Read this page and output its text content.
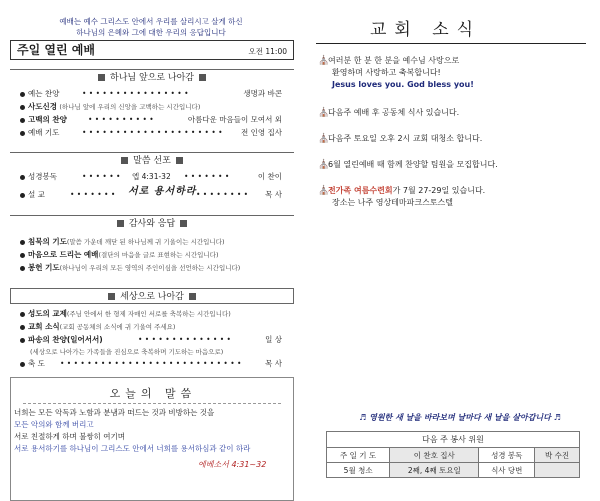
예배는 예수 그리스도 안에서 우리를 살리시고 살게 하신
하나님의 은혜와 그에 대한 우리의 응답입니다
주일 열린 예배	오전 11:00
하나님 앞으로 나아감
예는 찬양	• • • • • • • • • • • • • • • •	생명과 바콘
사도신경 (하나님 앞에 우리의 신앙을 고백하는 시간입니다)
고백의 찬양	• • • • • • • • • •	아름다운 마음들이 모여서 외
예배 기도	• • • • • • • • • • • • • • • • • • • • • 전 인영 집사
말씀 선포
성경봉독	• • • • • • 엡 4:31-32 • • • • • • •	이 찬이
설 교	• • • • • • • 서로 용서하라 • • • • • • • • 목 사
감사와 응답
침묵의 기도(말씀 가운데 깨닫 된 하나님께 귀 기울이는 시간입니다)
마음으로 드리는 예배(결단의 마음을 글로 표현하는 시간입니다)
봉헌 기도(하나님이 우리의 모든 영역의 주인이심을 선언하는 시간입니다)
세상으로 나아감
성도의 교제(주님 안에서 한 형제 자매인 서로를 축복하는 시간입니다)
교회 소식(교회 공동체의 소식에 귀 기울여 주세요)
파송의 찬양(일어서서)	• • • • • • • • • • • • • •	일 상
(세상으로 나아가는 가족들을 진심으로 축복하며 기도하는 마음으로)
축 도 • • • • • • • • • • • • • • • • • • • • • • • • • • •	목 사
오늘의 말씀
너희는 모든 악독과 노함과 분냄과 떠드는 것과 비방하는 것을
모든 악의와 함께 버리고
서로 친절하게 하며 불쌍히 여기며
서로 용서하기를 하나님이 그리스도 안에서 너희를 용서하심과 같이 하라
에베소서 4:31~32
교회 소식
⛪여러분 한 분 한 분을 예수님 사랑으로
환영하며 사랑하고 축복합니다!
Jesus loves you. God bless you!
⛪다음주 예배 후 공동체 식사 있습니다.
⛪다음주 토요일 오후 2시 교회 대청소 합니다.
⛪6월 열린예배 때 함께 찬양할 팀원을 모집합니다.
⛪전가족 여름수련회가 7월 27-29일 있습니다.
장소는 나주 영상테마파크스토스텔
♬ 영원한 새 날을 바라보며 날마다 새 날을 살아갑니다 ♬
다음 주 봉사 위원			
주 일 기 도	이 찬호 집사	성경 봉독	박 수진
5월 청소	2째, 4째 토요일	식사 당번	
